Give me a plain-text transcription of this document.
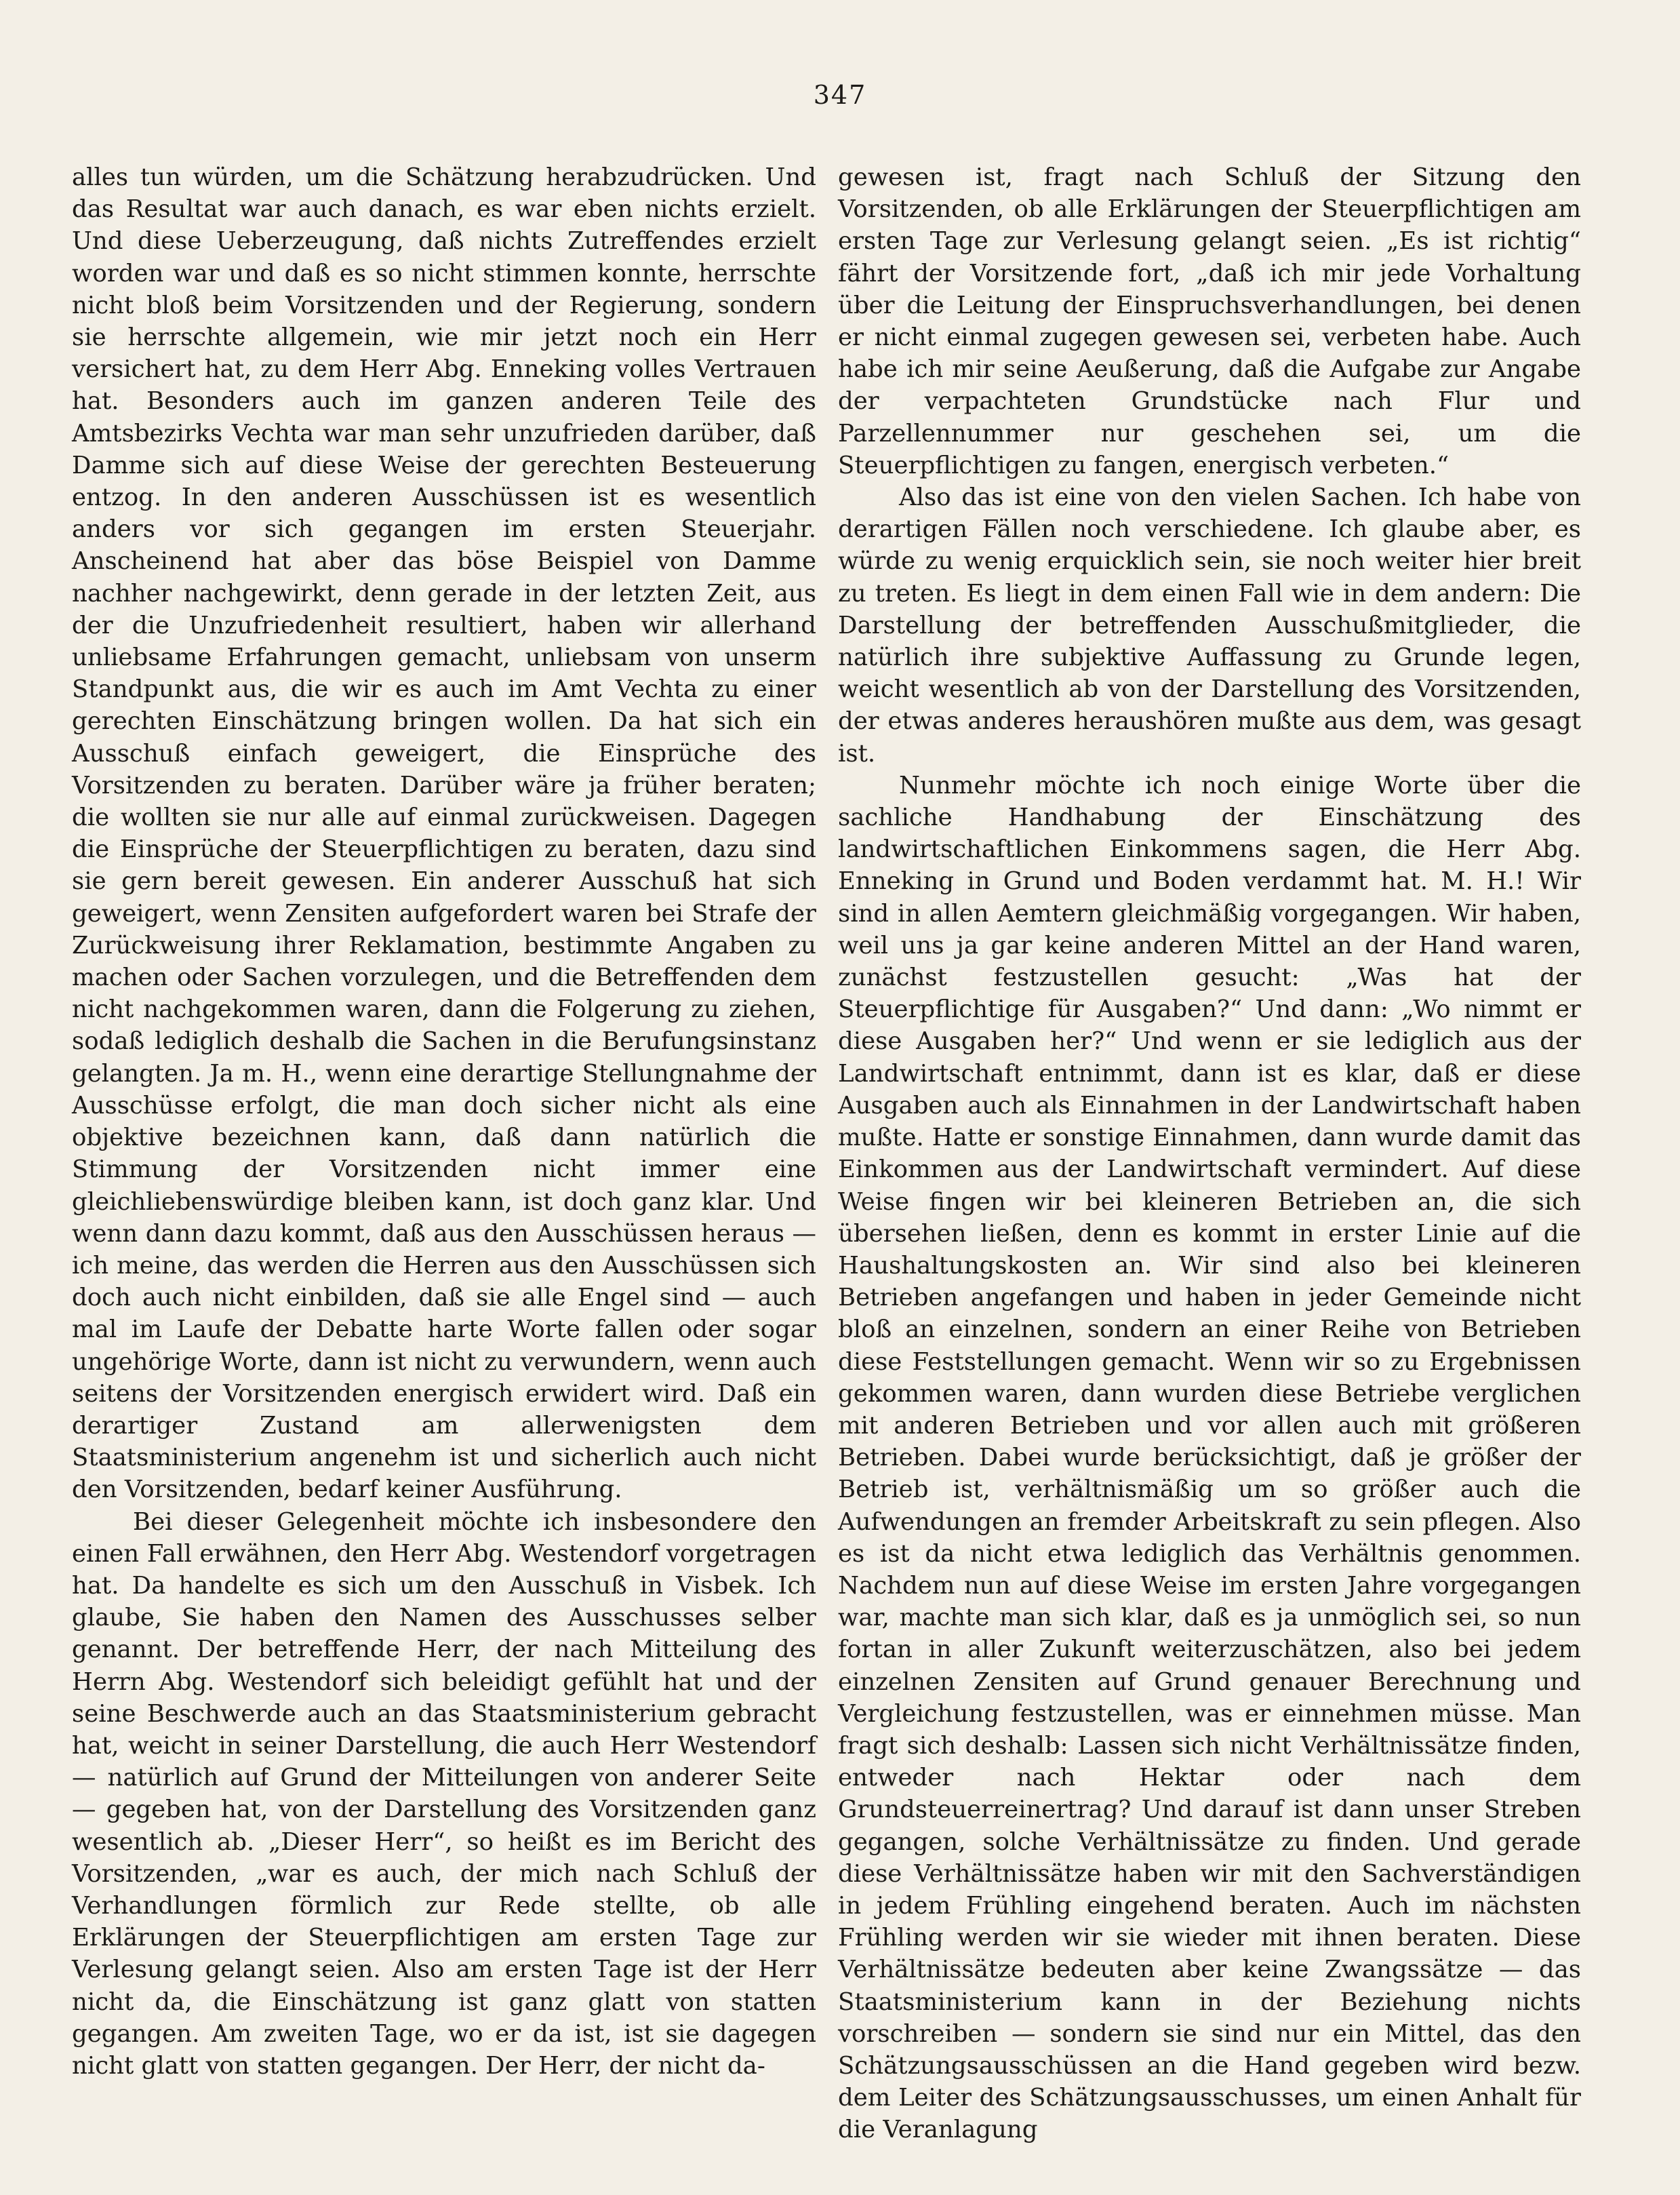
347

alles tun würden, um die Schätzung herabzudrücken. Und das Resultat war auch danach, es war eben nichts erzielt. Und diese Ueberzeugung, daß nichts Zutreffendes erzielt worden war und daß es so nicht stimmen konnte, herrschte nicht bloß beim Vorsitzenden und der Regierung, sondern sie herrschte allgemein, wie mir jetzt noch ein Herr versichert hat, zu dem Herr Abg. Enneking volles Vertrauen hat. Besonders auch im ganzen anderen Teile des Amtsbezirks Vechta war man sehr unzufrieden darüber, daß Damme sich auf diese Weise der gerechten Besteuerung entzog. In den anderen Ausschüssen ist es wesentlich anders vor sich gegangen im ersten Steuerjahr. Anscheinend hat aber das böse Beispiel von Damme nachher nachgewirkt, denn gerade in der letzten Zeit, aus der die Unzufriedenheit resultiert, haben wir allerhand unliebsame Erfahrungen gemacht, unliebsam von unserm Standpunkt aus, die wir es auch im Amt Vechta zu einer gerechten Einschätzung bringen wollen. Da hat sich ein Ausschuß einfach geweigert, die Einsprüche des Vorsitzenden zu beraten. Darüber wäre ja früher beraten; die wollten sie nur alle auf einmal zurückweisen. Dagegen die Einsprüche der Steuerpflichtigen zu beraten, dazu sind sie gern bereit gewesen. Ein anderer Ausschuß hat sich geweigert, wenn Zensiten aufgefordert waren bei Strafe der Zurückweisung ihrer Reklamation, bestimmte Angaben zu machen oder Sachen vorzulegen, und die Betreffenden dem nicht nachgekommen waren, dann die Folgerung zu ziehen, sodaß lediglich deshalb die Sachen in die Berufungsinstanz gelangten. Ja m. H., wenn eine derartige Stellungnahme der Ausschüsse erfolgt, die man doch sicher nicht als eine objektive bezeichnen kann, daß dann natürlich die Stimmung der Vorsitzenden nicht immer eine gleichliebenswürdige bleiben kann, ist doch ganz klar. Und wenn dann dazu kommt, daß aus den Ausschüssen heraus — ich meine, das werden die Herren aus den Ausschüssen sich doch auch nicht einbilden, daß sie alle Engel sind — auch mal im Laufe der Debatte harte Worte fallen oder sogar ungehörige Worte, dann ist nicht zu verwundern, wenn auch seitens der Vorsitzenden energisch erwidert wird. Daß ein derartiger Zustand am allerwenigsten dem Staatsministerium angenehm ist und sicherlich auch nicht den Vorsitzenden, bedarf keiner Ausführung.

Bei dieser Gelegenheit möchte ich insbesondere den einen Fall erwähnen, den Herr Abg. Westendorf vorgetragen hat. Da handelte es sich um den Ausschuß in Visbek. Ich glaube, Sie haben den Namen des Ausschusses selber genannt. Der betreffende Herr, der nach Mitteilung des Herrn Abg. Westendorf sich beleidigt gefühlt hat und der seine Beschwerde auch an das Staatsministerium gebracht hat, weicht in seiner Darstellung, die auch Herr Westendorf — natürlich auf Grund der Mitteilungen von anderer Seite — gegeben hat, von der Darstellung des Vorsitzenden ganz wesentlich ab. „Dieser Herr“, so heißt es im Bericht des Vorsitzenden, „war es auch, der mich nach Schluß der Verhandlungen förmlich zur Rede stellte, ob alle Erklärungen der Steuerpflichtigen am ersten Tage zur Verlesung gelangt seien. Also am ersten Tage ist der Herr nicht da, die Einschätzung ist ganz glatt von statten gegangen. Am zweiten Tage, wo er da ist, ist sie dagegen nicht glatt von statten gegangen. Der Herr, der nicht da-

gewesen ist, fragt nach Schluß der Sitzung den Vorsitzenden, ob alle Erklärungen der Steuerpflichtigen am ersten Tage zur Verlesung gelangt seien. „Es ist richtig“ fährt der Vorsitzende fort, „daß ich mir jede Vorhaltung über die Leitung der Einspruchsverhandlungen, bei denen er nicht einmal zugegen gewesen sei, verbeten habe. Auch habe ich mir seine Aeußerung, daß die Aufgabe zur Angabe der verpachteten Grundstücke nach Flur und Parzellennummer nur geschehen sei, um die Steuerpflichtigen zu fangen, energisch verbeten.“

Also das ist eine von den vielen Sachen. Ich habe von derartigen Fällen noch verschiedene. Ich glaube aber, es würde zu wenig erquicklich sein, sie noch weiter hier breit zu treten. Es liegt in dem einen Fall wie in dem andern: Die Darstellung der betreffenden Ausschußmitglieder, die natürlich ihre subjektive Auffassung zu Grunde legen, weicht wesentlich ab von der Darstellung des Vorsitzenden, der etwas anderes heraushören mußte aus dem, was gesagt ist.

Nunmehr möchte ich noch einige Worte über die sachliche Handhabung der Einschätzung des landwirtschaftlichen Einkommens sagen, die Herr Abg. Enneking in Grund und Boden verdammt hat. M. H.! Wir sind in allen Aemtern gleichmäßig vorgegangen. Wir haben, weil uns ja gar keine anderen Mittel an der Hand waren, zunächst festzustellen gesucht: „Was hat der Steuerpflichtige für Ausgaben?“ Und dann: „Wo nimmt er diese Ausgaben her?“ Und wenn er sie lediglich aus der Landwirtschaft entnimmt, dann ist es klar, daß er diese Ausgaben auch als Einnahmen in der Landwirtschaft haben mußte. Hatte er sonstige Einnahmen, dann wurde damit das Einkommen aus der Landwirtschaft vermindert. Auf diese Weise fingen wir bei kleineren Betrieben an, die sich übersehen ließen, denn es kommt in erster Linie auf die Haushaltungskosten an. Wir sind also bei kleineren Betrieben angefangen und haben in jeder Gemeinde nicht bloß an einzelnen, sondern an einer Reihe von Betrieben diese Feststellungen gemacht. Wenn wir so zu Ergebnissen gekommen waren, dann wurden diese Betriebe verglichen mit anderen Betrieben und vor allen auch mit größeren Betrieben. Dabei wurde berücksichtigt, daß je größer der Betrieb ist, verhältnismäßig um so größer auch die Aufwendungen an fremder Arbeitskraft zu sein pflegen. Also es ist da nicht etwa lediglich das Verhältnis genommen. Nachdem nun auf diese Weise im ersten Jahre vorgegangen war, machte man sich klar, daß es ja unmöglich sei, so nun fortan in aller Zukunft weiterzuschätzen, also bei jedem einzelnen Zensiten auf Grund genauer Berechnung und Vergleichung festzustellen, was er einnehmen müsse. Man fragt sich deshalb: Lassen sich nicht Verhältnissätze finden, entweder nach Hektar oder nach dem Grundsteuerreinertrag? Und darauf ist dann unser Streben gegangen, solche Verhältnissätze zu finden. Und gerade diese Verhältnissätze haben wir mit den Sachverständigen in jedem Frühling eingehend beraten. Auch im nächsten Frühling werden wir sie wieder mit ihnen beraten. Diese Verhältnissätze bedeuten aber keine Zwangssätze — das Staatsministerium kann in der Beziehung nichts vorschreiben — sondern sie sind nur ein Mittel, das den Schätzungsausschüssen an die Hand gegeben wird bezw. dem Leiter des Schätzungsausschusses, um einen Anhalt für die Veranlagung
